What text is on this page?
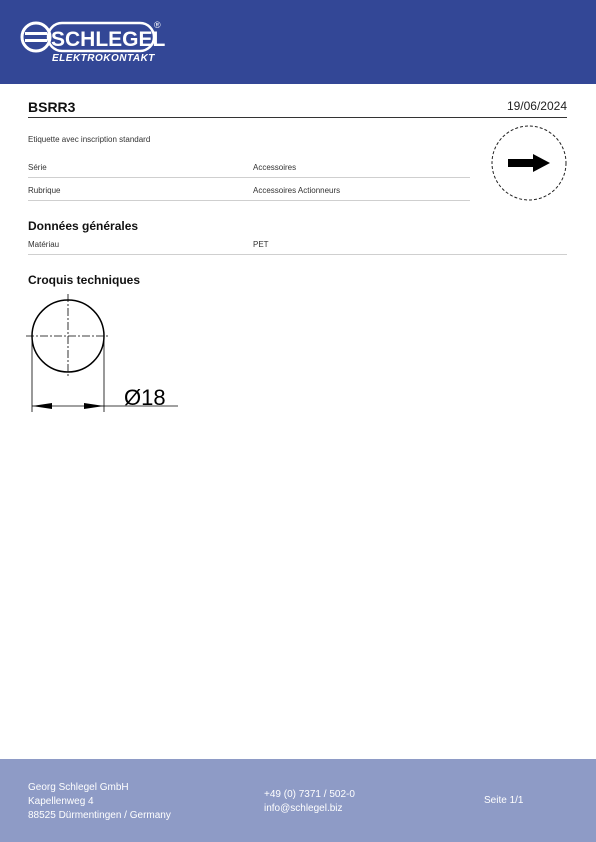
SCHLEGEL
®
ELEKTROKONTAKT
BSRR3	19/06/2024
Etiquette avec inscription standard
Série	Accessoires
Rubrique	Accessoires Actionneurs
Données générales
Matériau	PET
Croquis techniques
Ø18
Georg Schlegel GmbH
Kapellenweg 4
88525 Dürmentingen / Germany
+49 (0) 7371 / 502-0
info@schlegel.biz
Seite 1/1
